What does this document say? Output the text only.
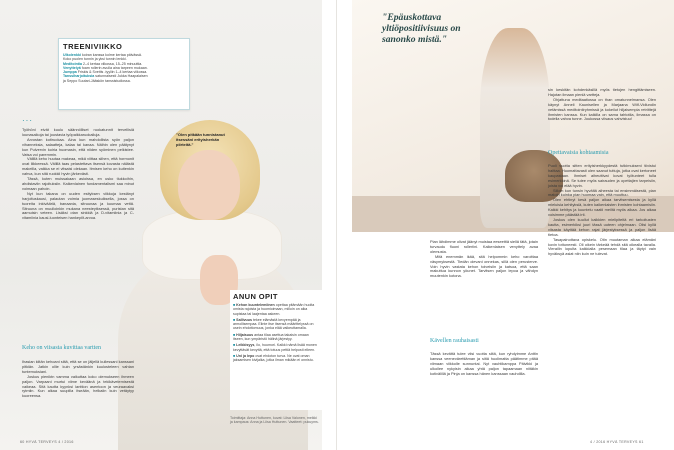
TREENIVIIKKO
Ulkolenkki koiran kanssa kolme kertaa päivässä.
Koko puolen tunnin ja yksi tunnin lenkki.
Meditointia 2–4 kertaa viikossa, 15–25 minuuttia.
Venyttelyä foam rollerin avulla aina tarpeen mukaan.
Jumppa Friskis & Svettis -tyyliin 1–4 kertaa viikossa.
Tanssiharjoituksia satunnaisesti Jukka Haapalaisen
ja Seppo Suutari-Jääskön tanssistudiossa.
···
Työhöni eivät kuulu säännölliset ruokatunnit tervellisiä lounasaikoja tai joustavia työpaikkaruokailuja.
Arvostan kotiruokaa. Aina kun mahdollista syön paljon vihanneksia, salaatteja, kalaa tai kanaa. Näihin olen päätynyt kun Pulvervin koiria huomasin, että niiden syöminen pelkistee. Vatsa voi paremmin.
Välillä keho huutaa makeaa, mikä viittaa siihen, että hormonit ovat liikkeessä. Välillä taas pelastettava itsensä kovasta nälästä makeilla, vaikka se ei vitsaisi olekaan. Itmisen keho on kuitenkin vahva, kun sitä ruokkii hyvin järkevästi.
Tässä, kuten muissakaan asioissa, en usko tiukkoihin, ahdistaviin rajoituksiin. Kaikenlainen fundamentalismi saa minut voimaan pahoin.
Nyt kun takana on uuden esityksen viikkoja kestänyt harjoituskausi, palautan voimia juomaseskuiksella, jossa on tuoreita inkivääriä, banaania, sitruunaa ja kuumaa vettä. Sitruuna on muulloinkin mukana neesteytksessä, puristan sitä aamuisin veteen. Lisäksi otan sinkkiä ja D-vitamiinia ja C-vitamiinia kausi-luonteisen hankepilt-arvoa.
Keho on viisasta kuvittaa vartten
Ihasian kiitän kehoani siitä, että se on jäljellä kullessani kanssani pitkiän. Jatkin ollie kuin yrsästänkin kuulosteleen vahtan tuntemuksiani.
Joskus pieniktn vamma vaikuttaa koko olemukseen ihmeen paljon. Varpaani murtui viime keväänä ja tekikävelemisestä vaikeaa. Sitä kautta kyynksi lanttion asentoon ja veuraavaksi rytmiin. Kun alkaa suupilla itseään, helkaiin kuin vetäytyy kuoreensa.
"Olen pitkään tunnistanut itsessäni erityisherkän piirteitä."
ANUN OPIT
■ Kehon kuuntelemiinen opettaa pitämään huolta omista rajoista ja huomioimaan, milloin on aika supistaa tai laajentaa askeen.
■ Sallivuus tekee elämästä kevyempää ja armollisempaa. Elinte itse itsensä määrittelyssä on usein ehdottomuus, jonka elää vaikeuttamalla.
■ Hiljaisuus antaa tilaa asettua takaisin omaan itseen, kun ympäristö hälinä järjestyy.
■ Leikkisyys, ilo, huumori. Kaikki nämä lisää monen kevyttävät kevyttä, että totuus pettiä helposti elleen.
■ Uni ja lepo ovat ehdoton turva. Ne ovat oman jaksamisen kivijalka, jotka ilman mikään ei onnistu.
Toimittaja: Anna Huttunen, kuvat: Liisa Valonen, meikki ja kampaus: Anna ja Liisa Huttunen. Vaatteet: pukuyms.
60 HYVÄ TERVEYS 4 / 2016
"Epäuskottava yltiöpositiivisuus on sanonko mistä."
Pian lähdimme olivat jäänyt muistaa eeseettiä siellä tätä, jotain turvaudu fluoni rolleriini. Kaikenlaisen venyttely avaa olemusta.
Mitä enemmän ikää, sitä helpommin keho varoittaa väsymyksestä. Tiedän olevani onnekas, sillä olen perusterve. Voin hyvin vastata kehon toiveisiin ja katsoa, että saan makuttua kunnon yöunet. Tarvitsen paljon lepoa ja vähdyn muutenkin kotona.
Kävellen rauhaisasti
Tässä kevättä tulee viisi vuotta siitä, kun ryhdyimme Anttin kanssa veenevärettiäman ja siitä huolimatta päätimme pitää viimaan viikkolle sunnuntai. Nyt vauhtikamppa Päivikki ja ulkoilee nykyisin aikaa yhtä paljon tapaamaan niitäkin kotivälillä ja Pinja on kanssa hänen kanssaan vauhdilla.
sin keskitän kohdenkäsillä myös tietojen hengittämiseen. Hajotan ilmaan pieniä vartteja.
Ohjattuna meditaatiossa on than omatunnelmansa. Olen käynyt Anneli Kaunisellen ja Marjaana Wilf-Vidlundin vetämissä meditointiryhmissä ja kokeilut hiljaisempia retriittejä ihmisten kanssa. Kun kaikilla on sama tahtotila, ilmassa on todella vahva tunne. Joukossa viisaus vahvistuu!
Opettavaisia kohtaamisia
Puoli vuotta sitten erityisherkkyydestä tutkimukseni tiivistui haittaa. Huomattavasti olen saanut tuttuja, jotka ovat kertoneet kaupastaan. Ihmiset aiheuttivat kovat työtunteet tulla esimerkkinä. Se tulee myös sairauden ja opettajien tarpeisiin, joista voi elää hyvin.
Silloin kun tunsin hyvältä aiheesta tai ensimmäisestä, pian matoin kuinka pian huomaa vain, että muuttuu.
Olen ehtinyt kesä paljon aikaa tarvitsemisesta ja kyllä mieluisia kehityksiä, kuten kaikenlaisten ihmisten kohtaamisiin. Kaikki kehitys ja kuuntelu vaatii meiltä myös aikaa. Jos aikaa voisimme päästää irti.
Joskus olen kuullut kaikkien mielipiteitä eri tarkoitusten kautta, esimerkiksi juuri tässä uuteen ohjelmaan. Olisi kyllä viisasta käyttää kehon rajat järjestyksessä ja paljon lisää tietoa.
Tasapainottava opiskelu. Otin muutaman aikaa elämäni kovin tottuneesti. Oli oikein tärkeää tehdä sitä oikealla tavalla. Vierailin lopulta kaikkialla pesemaan tilaa ja täytyi vain hyväksyä asiat niin kuin ne tulevat.
4 / 2016 HYVÄ TERVEYS 61
